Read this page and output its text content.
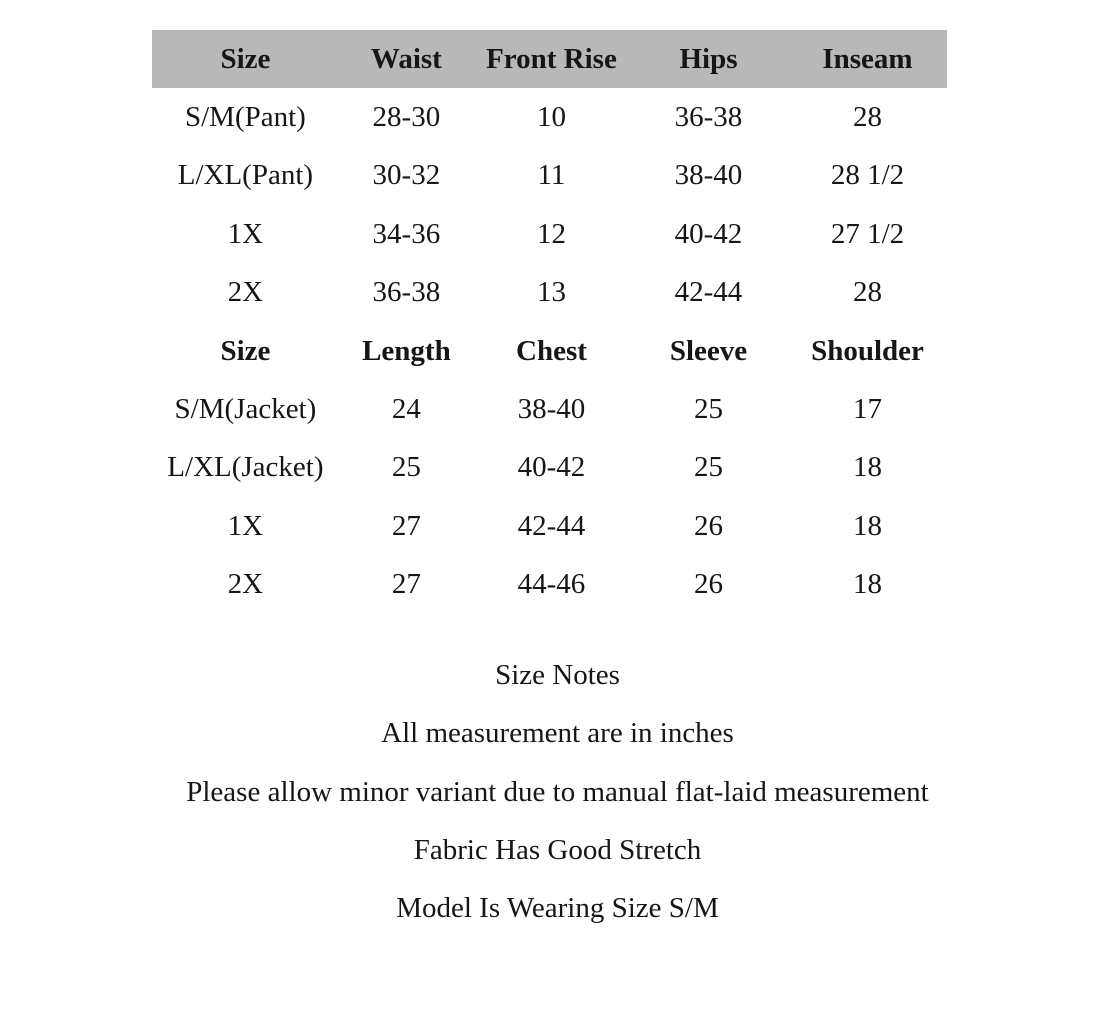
Size	Waist	Front Rise	Hips	Inseam
S/M(Pant)	28-30	10	36-38	28
L/XL(Pant)	30-32	11	38-40	28 1/2
1X	34-36	12	40-42	27 1/2
2X	36-38	13	42-44	28
Size	Length	Chest	Sleeve	Shoulder
S/M(Jacket)	24	38-40	25	17
L/XL(Jacket)	25	40-42	25	18
1X	27	42-44	26	18
2X	27	44-46	26	18
Size Notes
All measurement are in inches
Please allow minor variant due to manual flat-laid measurement
Fabric Has Good Stretch
Model Is Wearing Size S/M
